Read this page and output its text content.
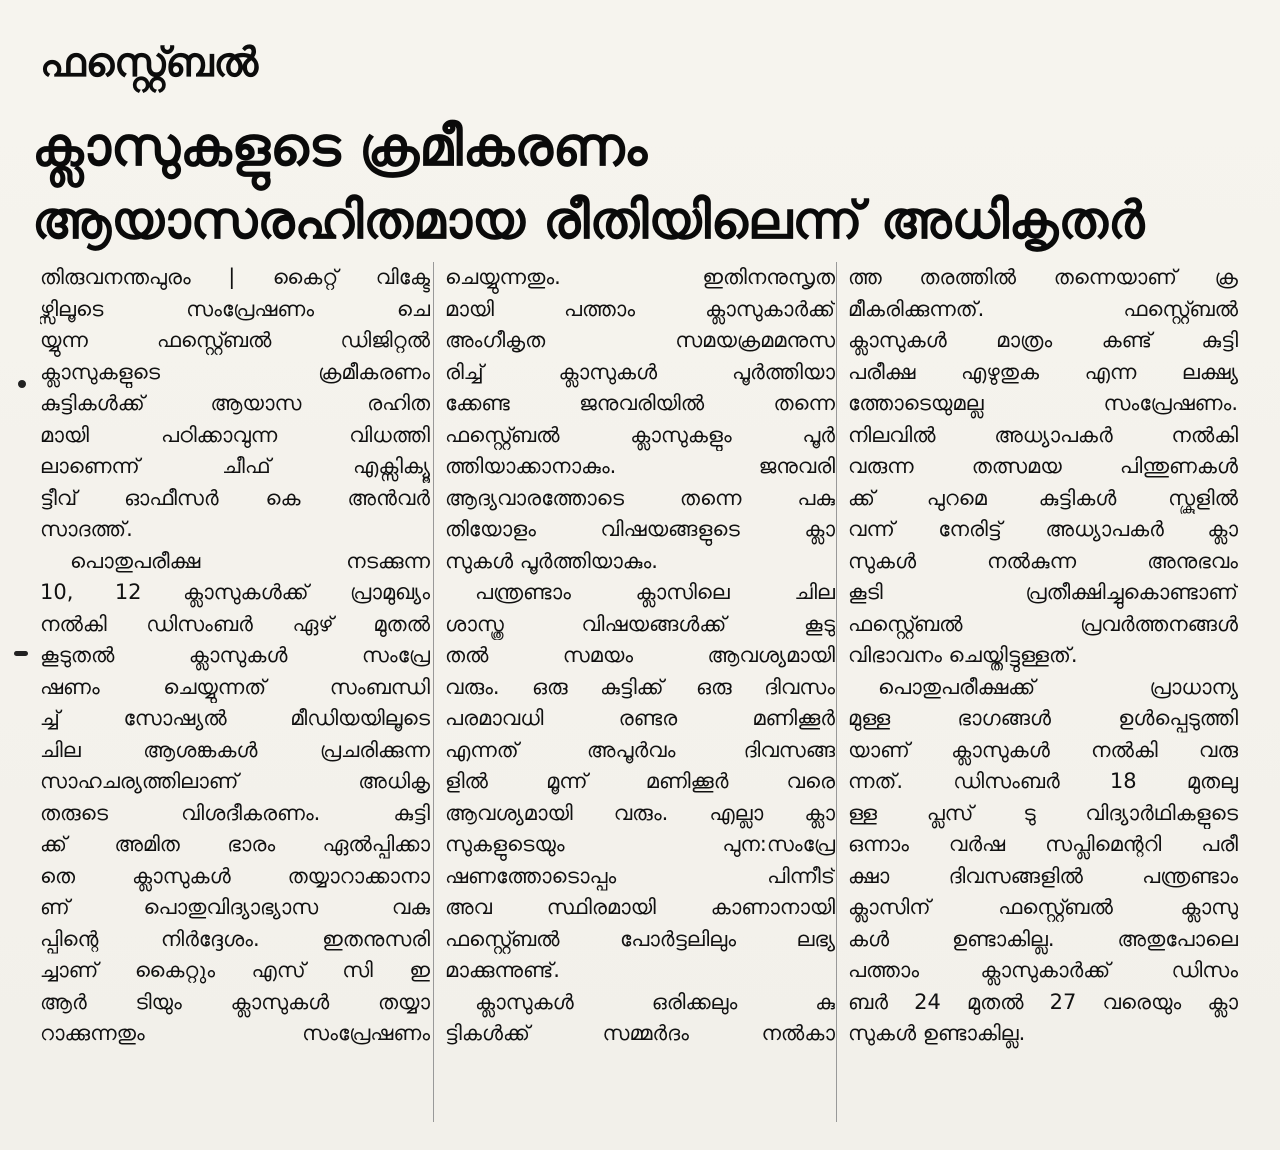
ഫസ്റ്റ്ബെൽ
ക്ലാസുകളുടെ ക്രമീകരണം
ആയാസരഹിതമായ രീതിയിലെന്ന് അധികൃതർ
തിരുവനന്തപുരം | കൈറ്റ് വിക്ടേ
ഴ്സിലൂടെ സംപ്രേഷണം ചെ
യ്യുന്ന ഫസ്റ്റ്ബെൽ ഡിജിറ്റൽ
ക്ലാസുകളുടെ ക്രമീകരണം
കുട്ടികൾക്ക് ആയാസ രഹിത
മായി പഠിക്കാവുന്ന വിധത്തി
ലാണെന്ന് ചീഫ് എക്സിക്യൂ
ട്ടീവ് ഓഫീസർ കെ അൻവർ
സാദത്ത്.
പൊതുപരീക്ഷ നടക്കുന്ന
10, 12 ക്ലാസുകൾക്ക് പ്രാമുഖ്യം
നൽകി ഡിസംബർ ഏഴ് മുതൽ
കൂടുതൽ ക്ലാസുകൾ സംപ്രേ
ഷണം ചെയ്യുന്നത് സംബന്ധി
ച്ച് സോഷ്യൽ മീഡിയയിലൂടെ
ചില ആശങ്കകൾ പ്രചരിക്കുന്ന
സാഹചര്യത്തിലാണ് അധികൃ
തരുടെ വിശദീകരണം. കുട്ടി
ക്ക് അമിത ഭാരം ഏൽപ്പിക്കാ
തെ ക്ലാസുകൾ തയ്യാറാക്കാനാ
ണ് പൊതുവിദ്യാഭ്യാസ വകു
പ്പിന്റെ നിർദ്ദേശം. ഇതനുസരി
ച്ചാണ് കൈറ്റും എസ് സി ഇ
ആർ ടിയും ക്ലാസുകൾ തയ്യാ
റാക്കുന്നതും സംപ്രേഷണം
ചെയ്യുന്നതും. ഇതിനനുസൃത
മായി പത്താം ക്ലാസുകാർക്ക്
അംഗീകൃത സമയക്രമമനുസ
രിച്ച് ക്ലാസുകൾ പൂർത്തിയാ
ക്കേണ്ട ജനുവരിയിൽ തന്നെ
ഫസ്റ്റ്ബെൽ ക്ലാസുകളും പൂർ
ത്തിയാക്കാനാകും. ജനുവരി
ആദ്യവാരത്തോടെ തന്നെ പകു
തിയോളം വിഷയങ്ങളുടെ ക്ലാ
സുകൾ പൂർത്തിയാകും.
പന്ത്രണ്ടാം ക്ലാസിലെ ചില
ശാസ്ത്ര വിഷയങ്ങൾക്ക് കൂടു
തൽ സമയം ആവശ്യമായി
വരും. ഒരു കുട്ടിക്ക് ഒരു ദിവസം
പരമാവധി രണ്ടര മണിക്കൂർ
എന്നത് അപൂർവം ദിവസങ്ങ
ളിൽ മൂന്ന് മണിക്കൂർ വരെ
ആവശ്യമായി വരും. എല്ലാ ക്ലാ
സുകളുടെയും പുന:സംപ്രേ
ഷണത്തോടൊപ്പം പിന്നീട്
അവ സ്ഥിരമായി കാണാനായി
ഫസ്റ്റ്ബെൽ പോർട്ടലിലും ലഭ്യ
മാക്കുന്നുണ്ട്.
ക്ലാസുകൾ ഒരിക്കലും കു
ട്ടികൾക്ക് സമ്മർദം നൽകാ
ത്ത തരത്തിൽ തന്നെയാണ് ക്ര
മീകരിക്കുന്നത്. ഫസ്റ്റ്ബെൽ
ക്ലാസുകൾ മാത്രം കണ്ട് കുട്ടി
പരീക്ഷ എഴുതുക എന്ന ലക്ഷ്യ
ത്തോടെയുമല്ല സംപ്രേഷണം.
നിലവിൽ അധ്യാപകർ നൽകി
വരുന്ന തത്സമയ പിന്തുണകൾ
ക്ക് പുറമെ കുട്ടികൾ സ്കൂളിൽ
വന്ന് നേരിട്ട് അധ്യാപകർ ക്ലാ
സുകൾ നൽകുന്ന അനുഭവം
കൂടി പ്രതീക്ഷിച്ചുകൊണ്ടാണ്
ഫസ്റ്റ്ബെൽ പ്രവർത്തനങ്ങൾ
വിഭാവനം ചെയ്തിട്ടുള്ളത്.
പൊതുപരീക്ഷക്ക് പ്രാധാന്യ
മുള്ള ഭാഗങ്ങൾ ഉൾപ്പെടുത്തി
യാണ് ക്ലാസുകൾ നൽകി വരു
ന്നത്. ഡിസംബർ 18 മുതലു
ള്ള പ്ലസ് ടു വിദ്യാർഥികളുടെ
ഒന്നാം വർഷ സപ്ലിമെന്ററി പരീ
ക്ഷാ ദിവസങ്ങളിൽ പന്ത്രണ്ടാം
ക്ലാസിന് ഫസ്റ്റ്ബെൽ ക്ലാസു
കൾ ഉണ്ടാകില്ല. അതുപോലെ
പത്താം ക്ലാസുകാർക്ക് ഡിസം
ബർ 24 മുതൽ 27 വരെയും ക്ലാ
സുകൾ ഉണ്ടാകില്ല.
